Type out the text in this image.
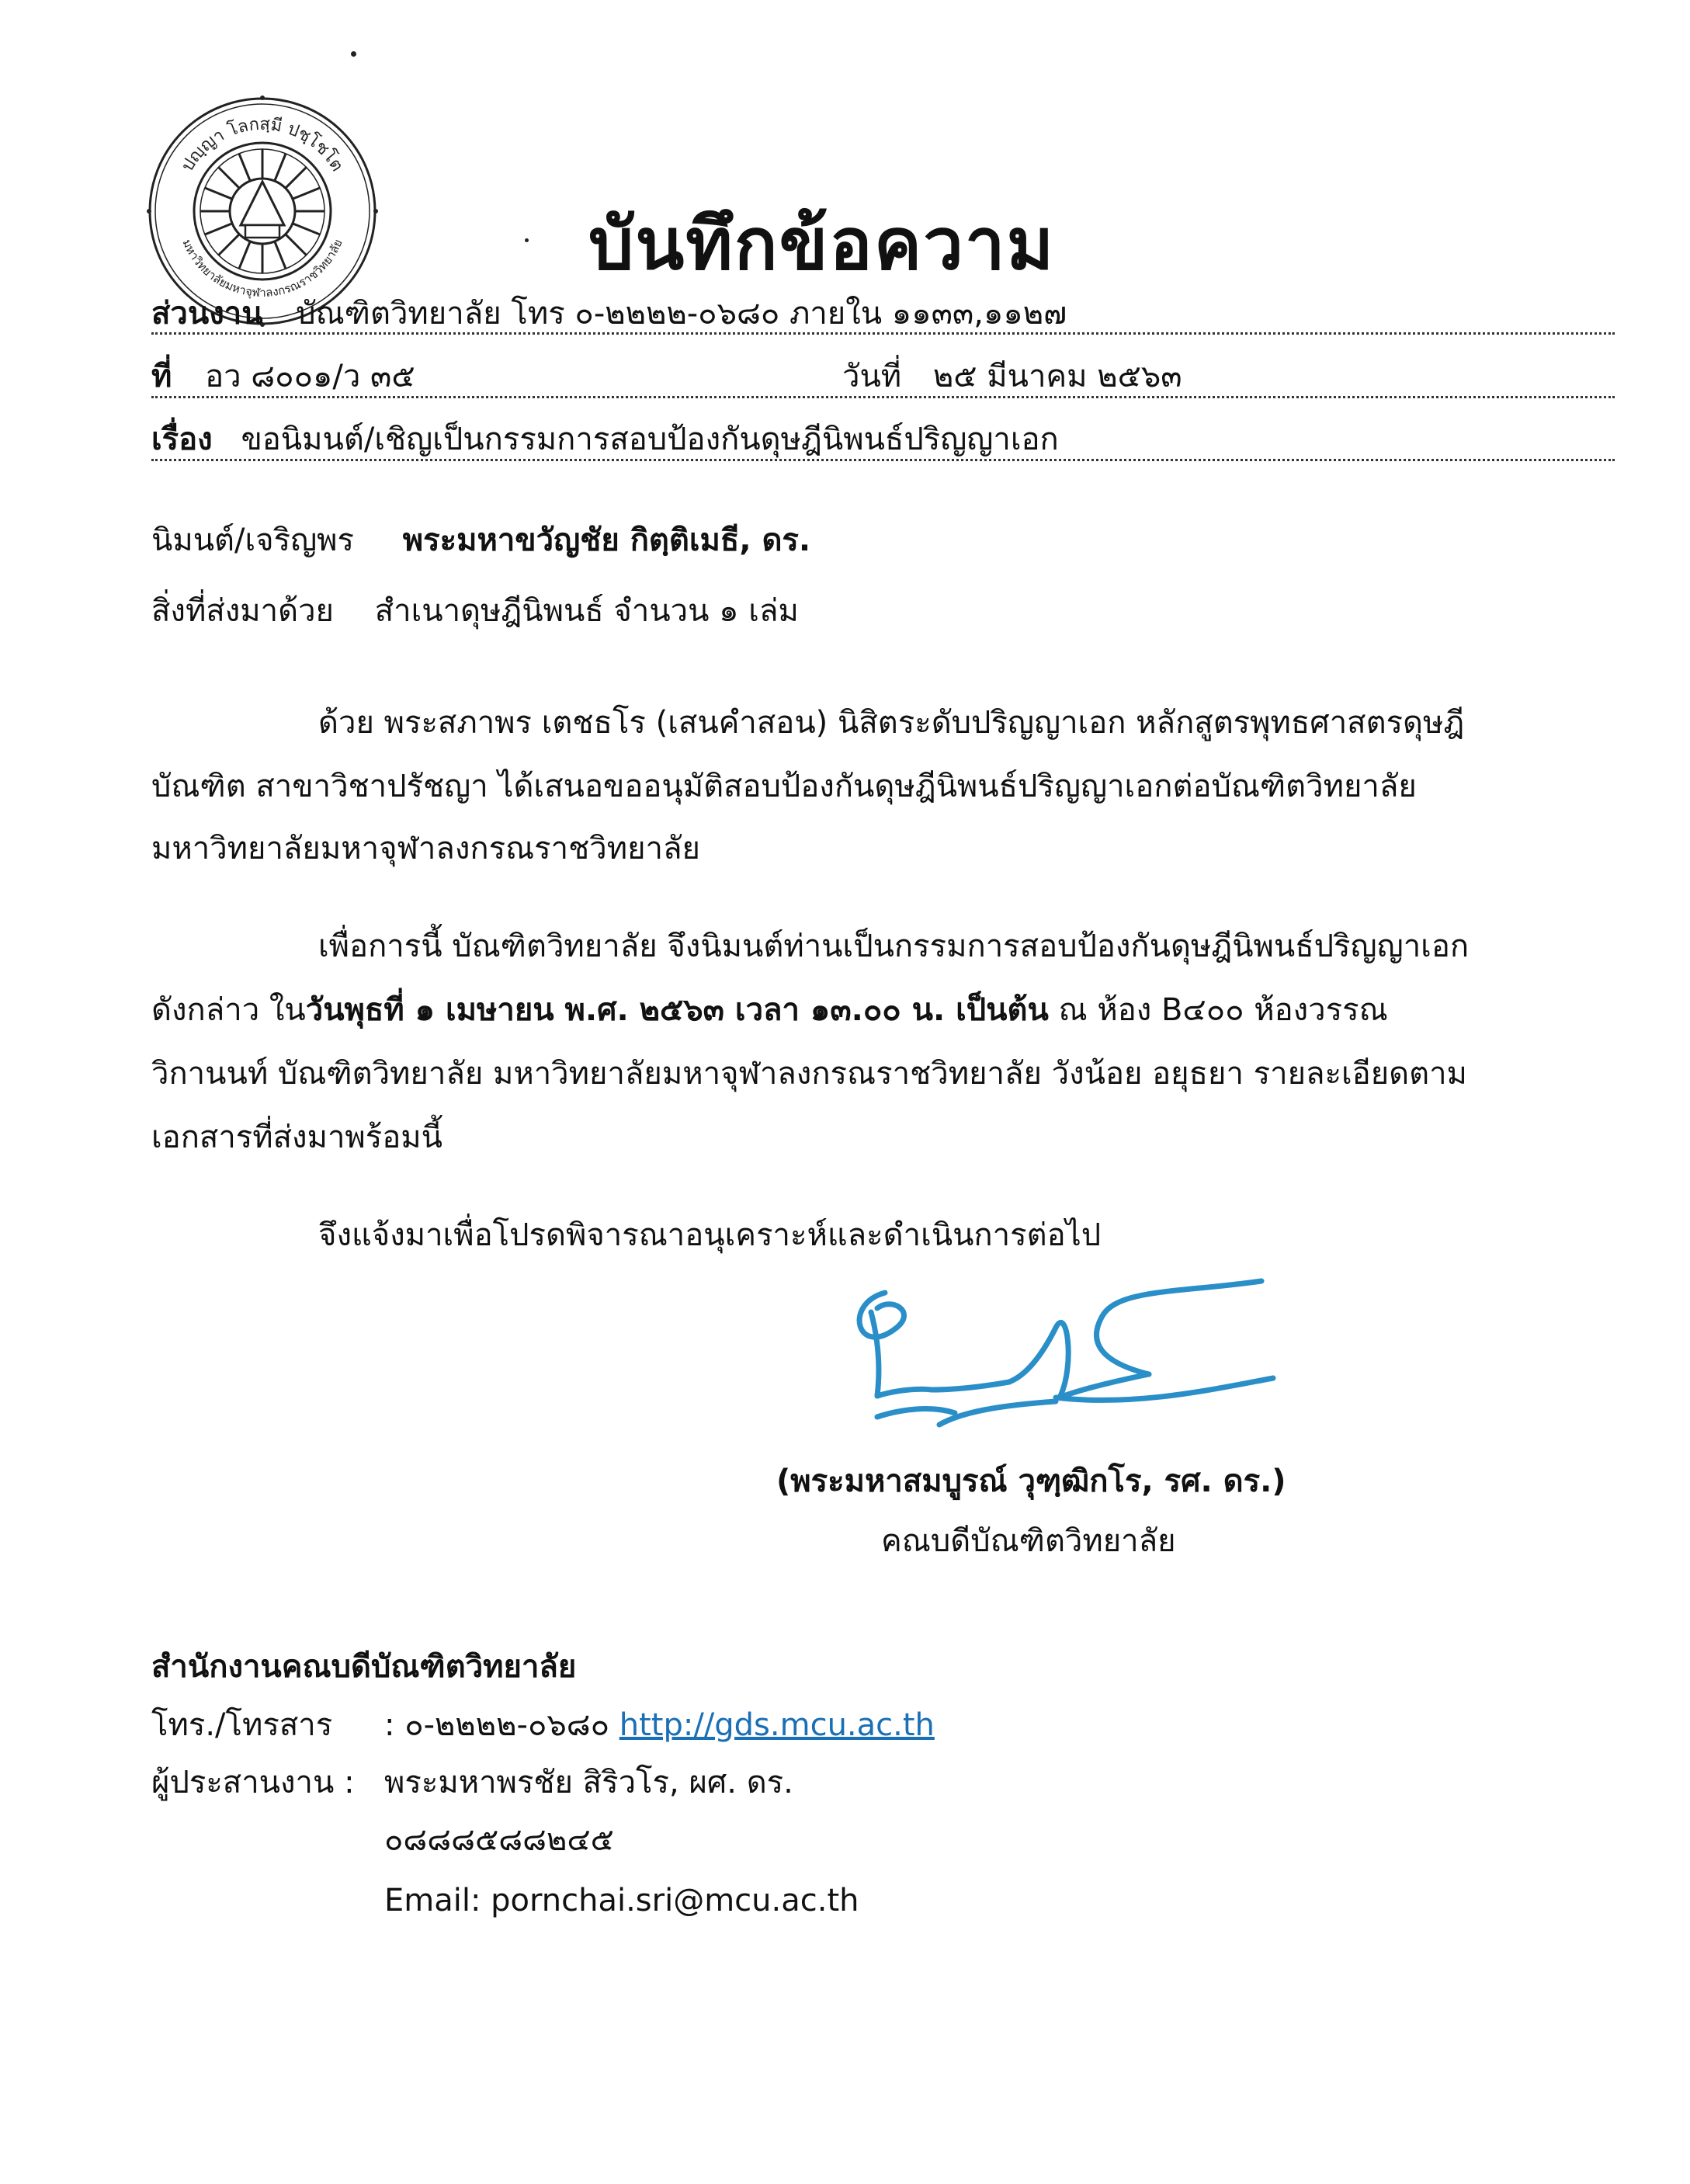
ปญฺญา โลกสฺมี ปชฺโชโต
มหาวิทยาลัยมหาจุฬาลงกรณราชวิทยาลัย	บันทึกข้อความ
ส่วนงาน บัณฑิตวิทยาลัย โทร ๐-๒๒๒๒-๐๖๘๐ ภายใน ๑๑๓๓,๑๑๒๗
ที่ อว ๘๐๐๑/ว ๓๕	วันที่ ๒๕ มีนาคม ๒๕๖๓
เรื่อง ขอนิมนต์/เชิญเป็นกรรมการสอบป้องกันดุษฎีนิพนธ์ปริญญาเอก
นิมนต์/เจริญพร พระมหาขวัญชัย กิตฺติเมธี, ดร.
สิ่งที่ส่งมาด้วย สำเนาดุษฎีนิพนธ์ จำนวน ๑ เล่ม
ด้วย พระสภาพร เตชธโร (เสนคำสอน) นิสิตระดับปริญญาเอก หลักสูตรพุทธศาสตรดุษฎี
บัณฑิต สาขาวิชาปรัชญา ได้เสนอขออนุมัติสอบป้องกันดุษฎีนิพนธ์ปริญญาเอกต่อบัณฑิตวิทยาลัย
มหาวิทยาลัยมหาจุฬาลงกรณราชวิทยาลัย
เพื่อการนี้ บัณฑิตวิทยาลัย จึงนิมนต์ท่านเป็นกรรมการสอบป้องกันดุษฎีนิพนธ์ปริญญาเอก
ดังกล่าว ในวันพุธที่ ๑ เมษายน พ.ศ. ๒๕๖๓ เวลา ๑๓.๐๐ น. เป็นต้น ณ ห้อง B๔๐๐ ห้องวรรณ
วิกานนท์ บัณฑิตวิทยาลัย มหาวิทยาลัยมหาจุฬาลงกรณราชวิทยาลัย วังน้อย อยุธยา รายละเอียดตาม
เอกสารที่ส่งมาพร้อมนี้
จึงแจ้งมาเพื่อโปรดพิจารณาอนุเคราะห์และดำเนินการต่อไป
(พระมหาสมบูรณ์ วุฑฺฒิกโร, รศ. ดร.)
คณบดีบัณฑิตวิทยาลัย
สำนักงานคณบดีบัณฑิตวิทยาลัย
โทร./โทรสาร : ๐-๒๒๒๒-๐๖๘๐ http://gds.mcu.ac.th
ผู้ประสานงาน : พระมหาพรชัย สิริวโร, ผศ. ดร.
๐๘๘๘๕๘๘๒๔๕
Email: pornchai.sri@mcu.ac.th
